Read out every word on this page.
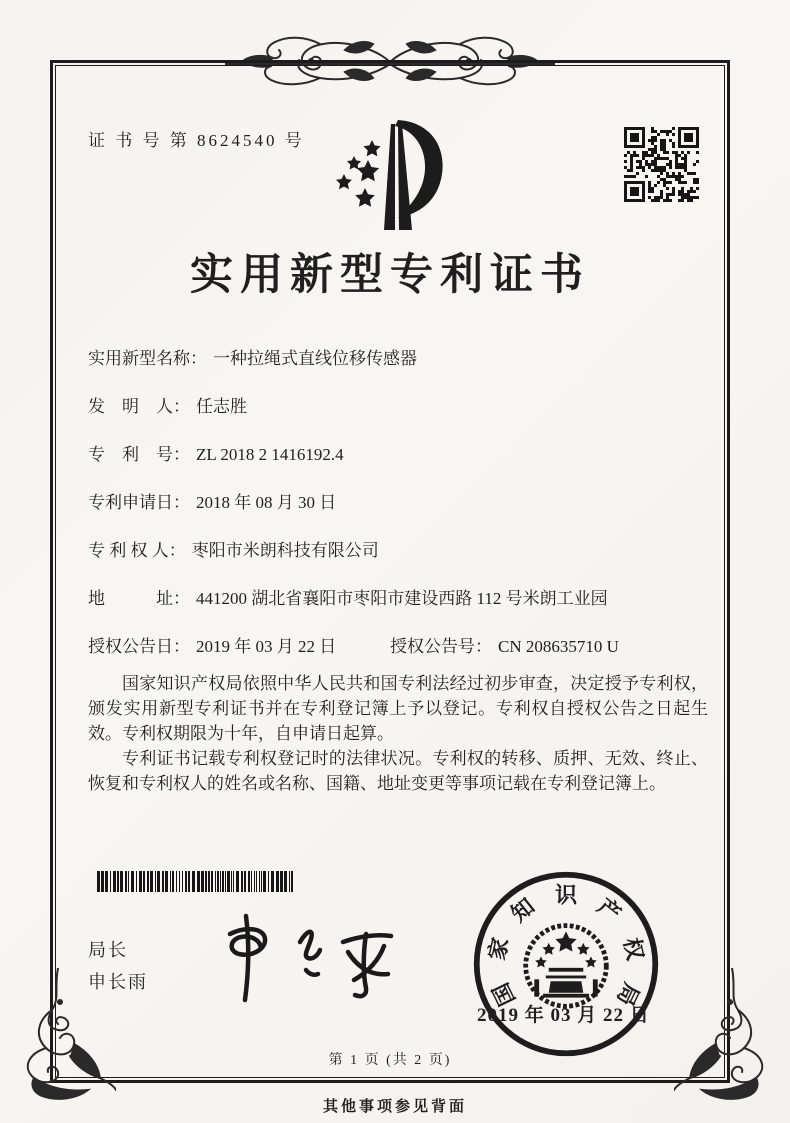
证 书 号 第 8624540 号
实用新型专利证书
实用新型名称： 一种拉绳式直线位移传感器
发　明　人： 任志胜
专　利　号： ZL 2018 2 1416192.4
专利申请日： 2018 年 08 月 30 日
专 利 权 人： 枣阳市米朗科技有限公司
地　　　址： 441200 湖北省襄阳市枣阳市建设西路 112 号米朗工业园
授权公告日： 2019 年 03 月 22 日	授权公告号： CN 208635710 U

国家知识产权局依照中华人民共和国专利法经过初步审查，决定授予专利权，颁发实用新型专利证书并在专利登记簿上予以登记。专利权自授权公告之日起生效。专利权期限为十年，自申请日起算。

专利证书记载专利权登记时的法律状况。专利权的转移、质押、无效、终止、恢复和专利权人的姓名或名称、国籍、地址变更等事项记载在专利登记簿上。

局长
申长雨	国
家
知 识 产
权
局
2019 年 03 月 22 日
第 1 页 (共 2 页)
其他事项参见背面
